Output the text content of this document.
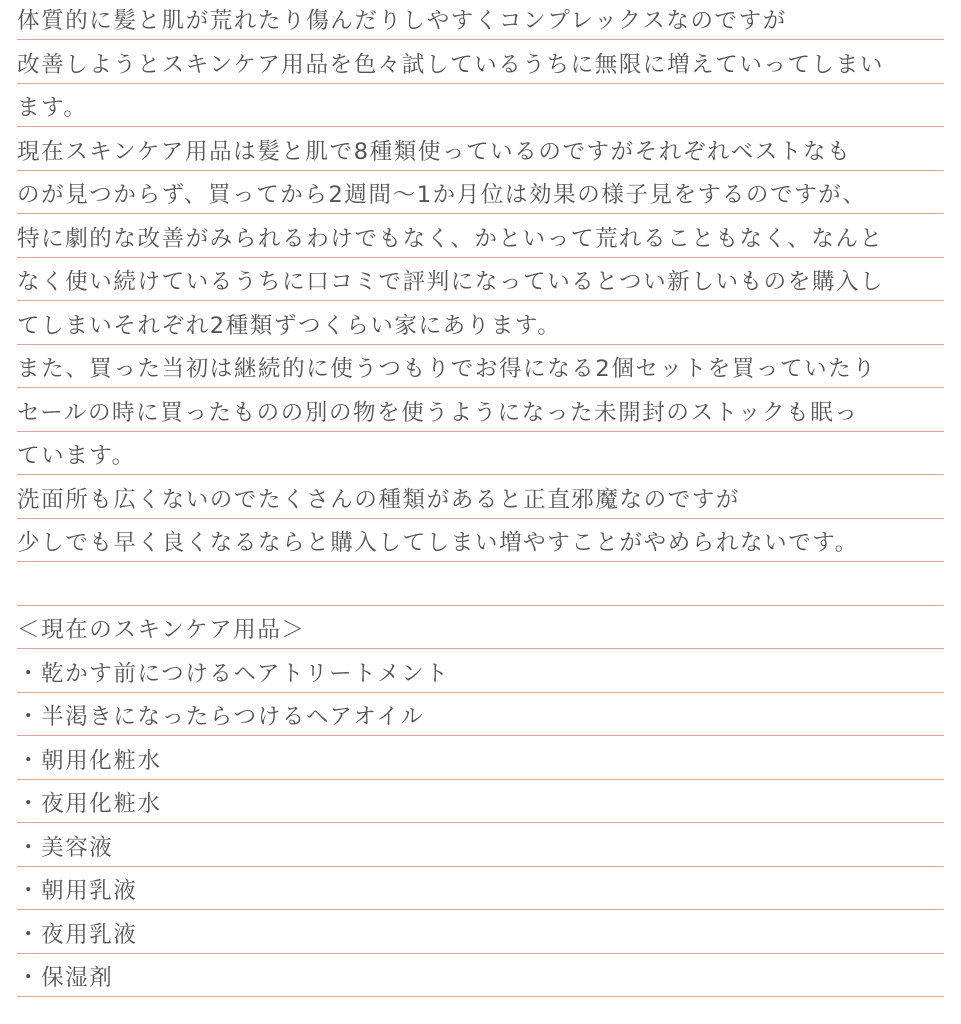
体質的に髪と肌が荒れたり傷んだりしやすくコンプレックスなのですが
改善しようとスキンケア用品を色々試しているうちに無限に増えていってしまい
ます。
現在スキンケア用品は髪と肌で8種類使っているのですがそれぞれベストなも
のが見つからず、買ってから2週間〜1か月位は効果の様子見をするのですが、
特に劇的な改善がみられるわけでもなく、かといって荒れることもなく、なんと
なく使い続けているうちに口コミで評判になっているとつい新しいものを購入し
てしまいそれぞれ2種類ずつくらい家にあります。
また、買った当初は継続的に使うつもりでお得になる2個セットを買っていたり
セールの時に買ったものの別の物を使うようになった未開封のストックも眠っ
ています。
洗面所も広くないのでたくさんの種類があると正直邪魔なのですが
少しでも早く良くなるならと購入してしまい増やすことがやめられないです。
＜現在のスキンケア用品＞
・乾かす前につけるヘアトリートメント
・半渇きになったらつけるヘアオイル
・朝用化粧水
・夜用化粧水
・美容液
・朝用乳液
・夜用乳液
・保湿剤
